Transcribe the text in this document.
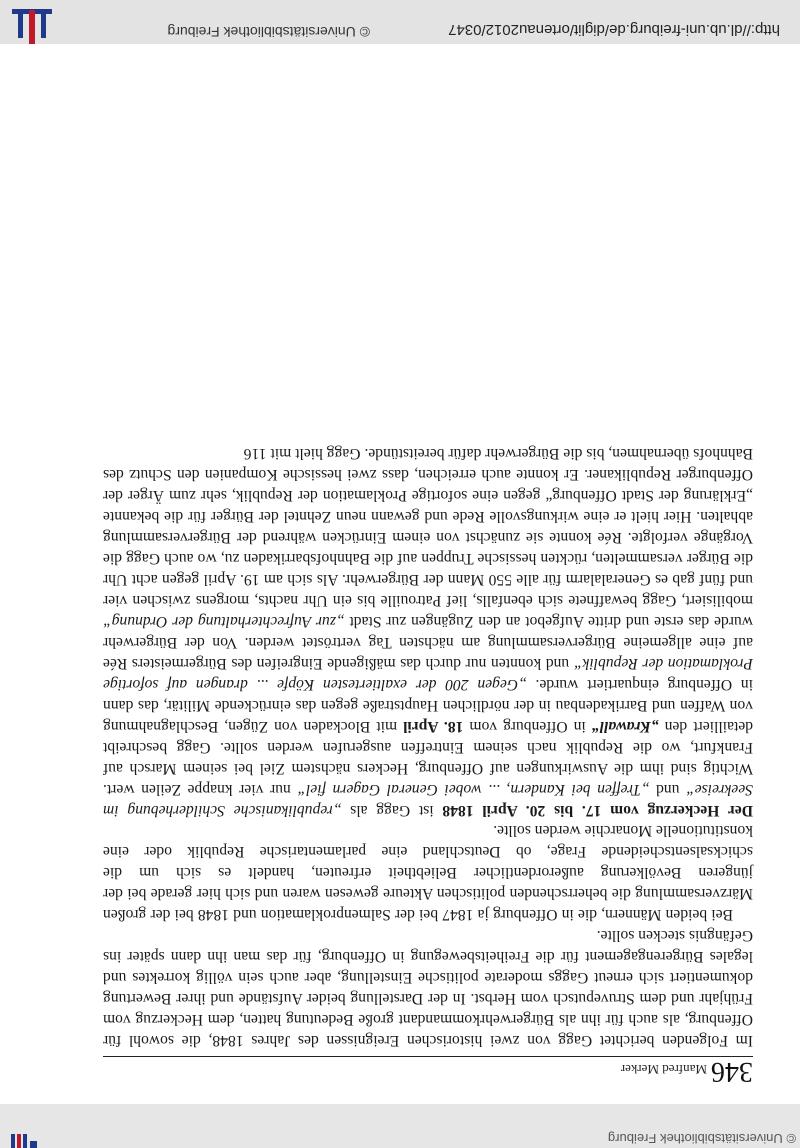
© Universitätsbibliothek Freiburg
346
Manfred Merker

Im Folgenden berichtet Gagg von zwei historischen Ereignissen des Jahres 1848, die sowohl für Offenburg, als auch für ihn als Bürgerwehrkommandant große Bedeutung hatten, dem Heckerzug vom Frühjahr und dem Struveputsch vom Herbst. In der Darstellung beider Aufstände und ihrer Bewertung dokumentiert sich erneut Gaggs moderate politische Einstellung, aber auch sein völlig korrektes und legales Bürgerengagement für die Freiheitsbewegung in Offenburg, für das man ihn dann später ins Gefängnis stecken sollte.

Bei beiden Männern, die in Offenburg ja 1847 bei der Salmenproklamation und 1848 bei der großen Märzversammlung die beherrschenden politischen Akteure gewesen waren und sich hier gerade bei der jüngeren Bevölkerung außerordentlicher Beliebtheit erfreuten, handelt es sich um die schicksalsentscheidende Frage, ob Deutschland eine parlamentarische Republik oder eine konstitutionelle Monarchie werden sollte.

Der Heckerzug vom 17. bis 20. April 1848 ist Gagg als „republikanische Schilderhebung im Seekreise“ und „Treffen bei Kandern, ... wobei General Gagern fiel“ nur vier knappe Zeilen wert. Wichtig sind ihm die Auswirkungen auf Offenburg, Heckers nächstem Ziel bei seinem Marsch auf Frankfurt, wo die Republik nach seinem Eintreffen ausgerufen werden sollte. Gagg beschreibt detailliert den „Krawall“ in Offenburg vom 18. April mit Blockaden von Zügen, Beschlagnahmung von Waffen und Barrikadenbau in der nördlichen Hauptstraße gegen das einrückende Militär, das dann in Offenburg einquartiert wurde. „Gegen 200 der exaltiertesten Köpfe ... drangen auf sofortige Proklamation der Republik“ und konnten nur durch das mäßigende Eingreifen des Bürgermeisters Rée auf eine allgemeine Bürgerversammlung am nächsten Tag vertröstet werden. Von der Bürgerwehr wurde das erste und dritte Aufgebot an den Zugängen zur Stadt „zur Aufrechterhaltung der Ordnung“ mobilisiert, Gagg bewaffnete sich ebenfalls, lief Patrouille bis ein Uhr nachts, morgens zwischen vier und fünf gab es Generalalarm für alle 550 Mann der Bürgerwehr. Als sich am 19. April gegen acht Uhr die Bürger versammelten, rückten hessische Truppen auf die Bahnhofsbarrikaden zu, wo auch Gagg die Vorgänge verfolgte. Rée konnte sie zunächst von einem Einrücken während der Bürgerversammlung abhalten. Hier hielt er eine wirkungsvolle Rede und gewann neun Zehntel der Bürger für die bekannte „Erklärung der Stadt Offenburg“ gegen eine sofortige Proklamation der Republik, sehr zum Ärger der Offenburger Republikaner. Er konnte auch erreichen, dass zwei hessische Kompanien den Schutz des Bahnhofs übernahmen, bis die Bürgerwehr dafür bereitstünde. Gagg hielt mit 116

http://dl.ub.uni-freiburg.de/diglit/ortenau2012/0347
© Universitätsbibliothek Freiburg
